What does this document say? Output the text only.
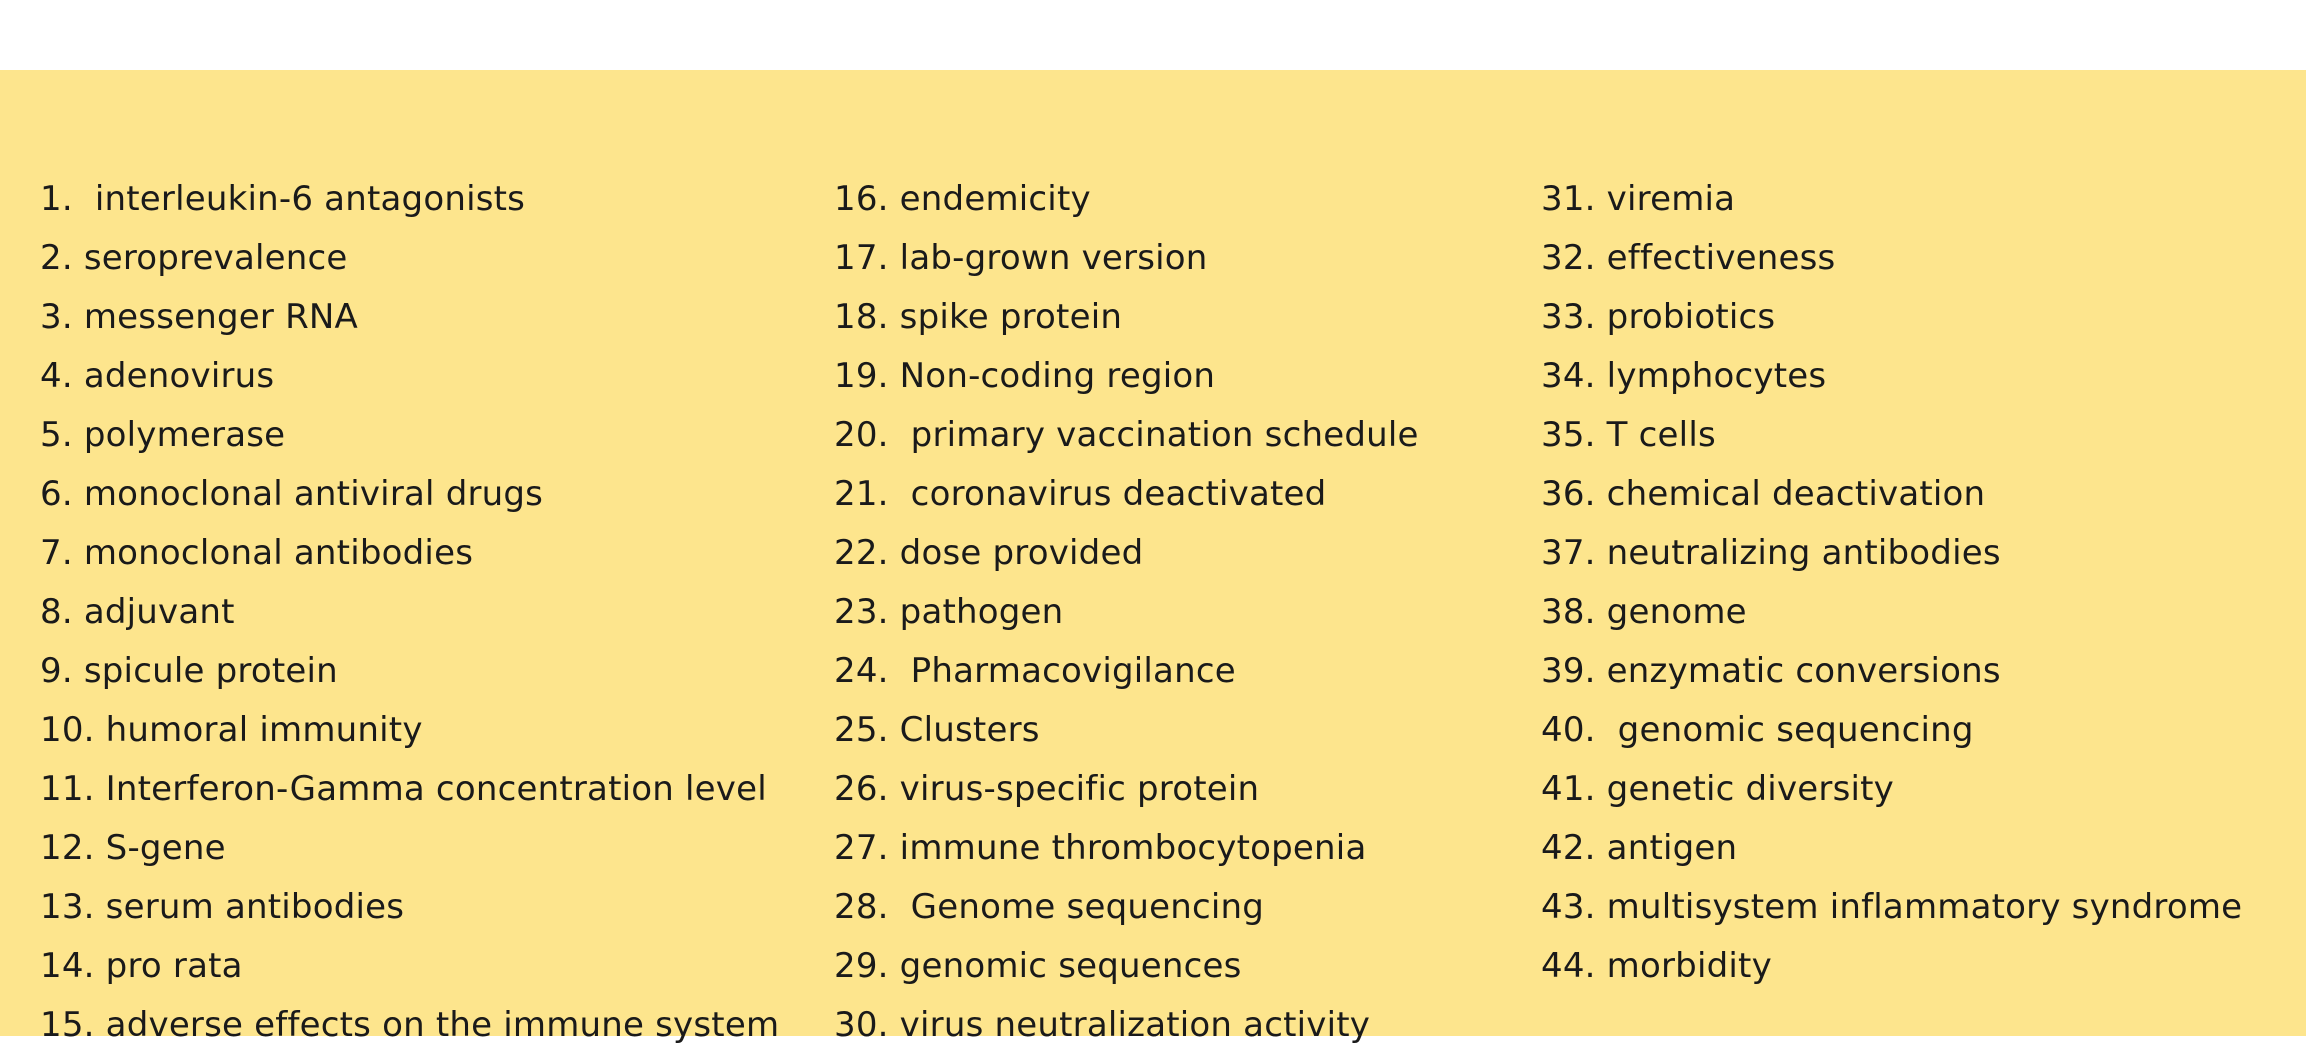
1.  interleukin-6 antagonists
2. seroprevalence
3. messenger RNA
4. adenovirus
5. polymerase
6. monoclonal antiviral drugs
7. monoclonal antibodies
8. adjuvant
9. spicule protein
10. humoral immunity
11. Interferon-Gamma concentration level
12. S-gene
13. serum antibodies
14. pro rata
15. adverse effects on the immune system
16. endemicity
17. lab-grown version
18. spike protein
19. Non-coding region
20.  primary vaccination schedule
21.  coronavirus deactivated
22. dose provided
23. pathogen
24.  Pharmacovigilance
25. Clusters
26. virus-specific protein
27. immune thrombocytopenia
28.  Genome sequencing
29. genomic sequences
30. virus neutralization activity
31. viremia
32. effectiveness
33. probiotics
34. lymphocytes
35. T cells
36. chemical deactivation
37. neutralizing antibodies
38. genome
39. enzymatic conversions
40.  genomic sequencing
41. genetic diversity
42. antigen
43. multisystem inflammatory syndrome
44. morbidity
